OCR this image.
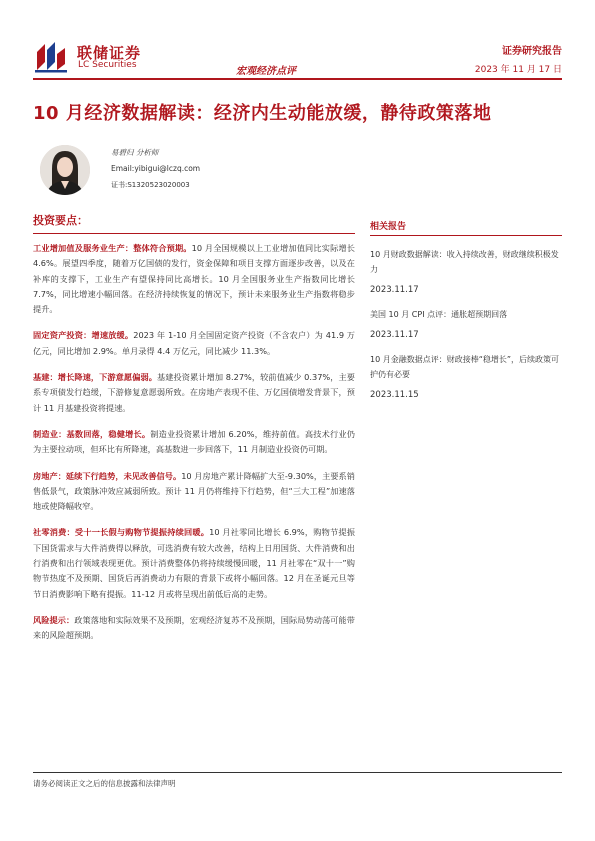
联储证券
LC Securities
宏观经济点评
证券研究报告
2023 年 11 月 17 日
10 月经济数据解读：经济内生动能放缓，静待政策落地
易碧归 分析师
Email:yibigui@lczq.com
证书:S1320523020003
投资要点：

工业增加值及服务业生产：整体符合预期。10 月全国规模以上工业增加值同比实际增长 4.6%。展望四季度，随着万亿国债的发行，资金保障和项目支撑方面逐步改善，以及在补库的支撑下，工业生产有望保持同比高增长。10 月全国服务业生产指数同比增长 7.7%，同比增速小幅回落。在经济持续恢复的情况下，预计未来服务业生产指数将稳步提升。

固定资产投资：增速放缓。2023 年 1-10 月全国固定资产投资（不含农户）为 41.9 万亿元，同比增加 2.9%。单月录得 4.4 万亿元，同比减少 11.3%。

基建：增长降速，下游意愿偏弱。基建投资累计增加 8.27%，较前值减少 0.37%，主要系专项债发行趋缓，下游修复意愿弱所致。在房地产表现不佳、万亿国债增发背景下，预计 11 月基建投资将提速。

制造业：基数回落，稳健增长。制造业投资累计增加 6.20%，维持前值。高技术行业仍为主要拉动项，但环比有所降速，高基数进一步回落下，11 月制造业投资仍可期。

房地产：延续下行趋势，未见改善信号。10 月房地产累计降幅扩大至-9.30%，主要系销售低景气，政策脉冲效应减弱所致。预计 11 月仍将维持下行趋势，但“三大工程”加速落地或使降幅收窄。

社零消费：受十一长假与购物节提振持续回暖。10 月社零同比增长 6.9%，购物节提振下国货需求与大件消费得以释放，可选消费有较大改善，结构上日用国货、大件消费和出行消费和出行领域表现更优。预计消费整体仍将持续缓慢回暖，11 月社零在“双十一”购物节热度不及预期、国货后再消费动力有限的背景下或将小幅回落。12 月在圣诞元旦等节日消费影响下略有提振。11-12 月或将呈现出前低后高的走势。

风险提示：政策落地和实际效果不及预期，宏观经济复苏不及预期，国际局势动荡可能带来的风险超预期。

相关报告
10 月财政数据解读：收入持续改善，财政继续积极发力
2023.11.17
美国 10 月 CPI 点评：通胀超预期回落
2023.11.17
10 月金融数据点评：财政接棒“稳增长”，后续政策可护仍有必要
2023.11.15
请务必阅读正文之后的信息披露和法律声明
